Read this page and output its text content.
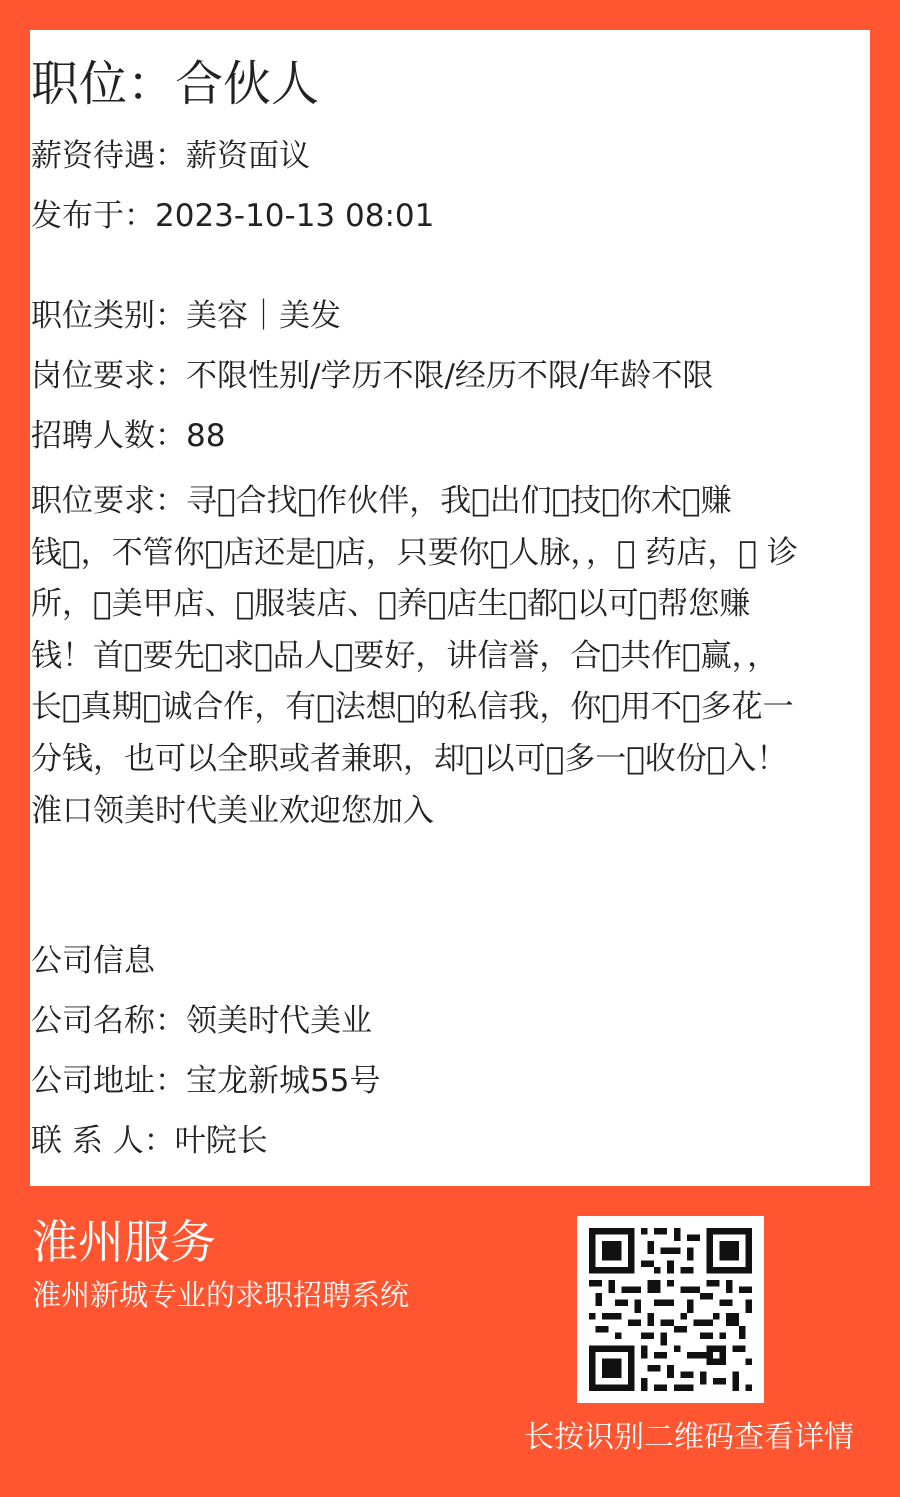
职位：合伙人
薪资待遇：薪资面议
发布于：2023-10-13 08:01
职位类别：美容｜美发
岗位要求：不限性别/学历不限/经历不限/年龄不限
招聘人数：88
职位要求：寻 合找 作伙伴，我 出们 技 你术 赚钱 ，不管你 店还是 店，只要你 人脉，，  药店，  诊所， 美甲店、 服装店、 养 店生 都 以可 帮您赚钱！首 要先 求 品人 要好，讲信誉，合 共作 赢，，长 真期 诚合作，有 法想 的私信我，你 用不 多花一分钱，也可以全职或者兼职，却 以可 多一 收份 入！淮口领美时代美业欢迎您加入
公司信息
公司名称：领美时代美业
公司地址：宝龙新城55号
联 系 人：叶院长
淮州服务
淮州新城专业的求职招聘系统
长按识别二维码查看详情
